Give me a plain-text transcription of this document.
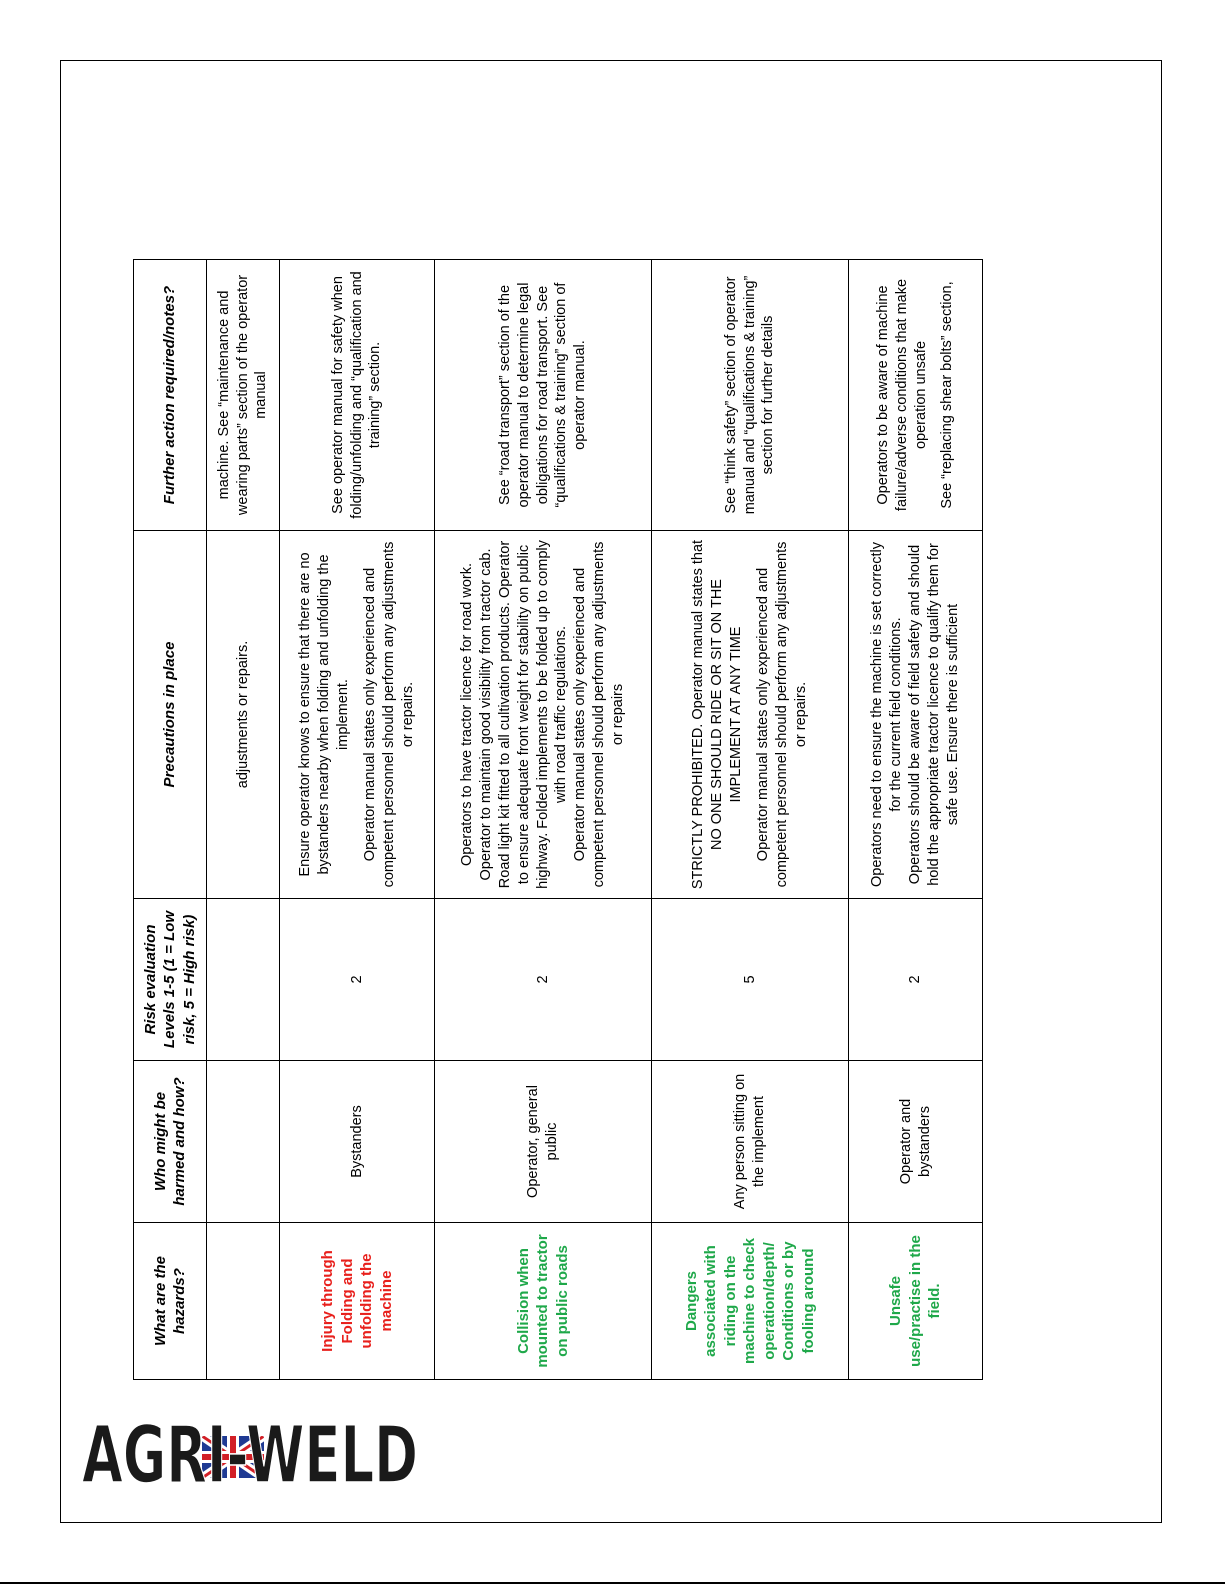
What are the hazards?	Who might be harmed and how?	Risk evaluation Levels 1-5 (1 = Low risk, 5 = High risk)	Precautions in place	Further action required/notes?

			adjustments or repairs.	machine. See “maintenance and wearing parts” section of the operator manual

Injury through Folding and unfolding the machine	Bystanders	2	Ensure operator knows to ensure that there are no bystanders nearby when folding and unfolding the implement. Operator manual states only experienced and competent personnel should perform any adjustments or repairs.	See operator manual for safety when folding/unfolding and “qualification and training” section.

Collision when mounted to tractor on public roads	Operator, general public	2	Operators to have tractor licence for road work. Operator to maintain good visibility from tractor cab. Road light kit fitted to all cultivation products. Operator to ensure adequate front weight for stability on public highway. Folded implements to be folded up to comply with road traffic regulations. Operator manual states only experienced and competent personnel should perform any adjustments or repairs	See “road transport” section of the operator manual to determine legal obligations for road transport. See “qualifications & training” section of operator manual.

Dangers associated with riding on the machine to check operation/depth/ Conditions or by fooling around	Any person sitting on the implement	5	STRICTLY PROHIBITED. Operator manual states that NO ONE SHOULD RIDE OR SIT ON THE IMPLEMENT AT ANY TIME Operator manual states only experienced and competent personnel should perform any adjustments or repairs.	See “think safety” section of operator manual and “qualifications & training” section for further details

Unsafe use/practise in the field.	Operator and bystanders	2	Operators need to ensure the machine is set correctly for the current field conditions. Operators should be aware of field safety and should hold the appropriate tractor licence to qualify them for safe use. Ensure there is sufficient	Operators to be aware of machine failure/adverse conditions that make operation unsafe See “replacing shear bolts” section,
AGRI-WELD
